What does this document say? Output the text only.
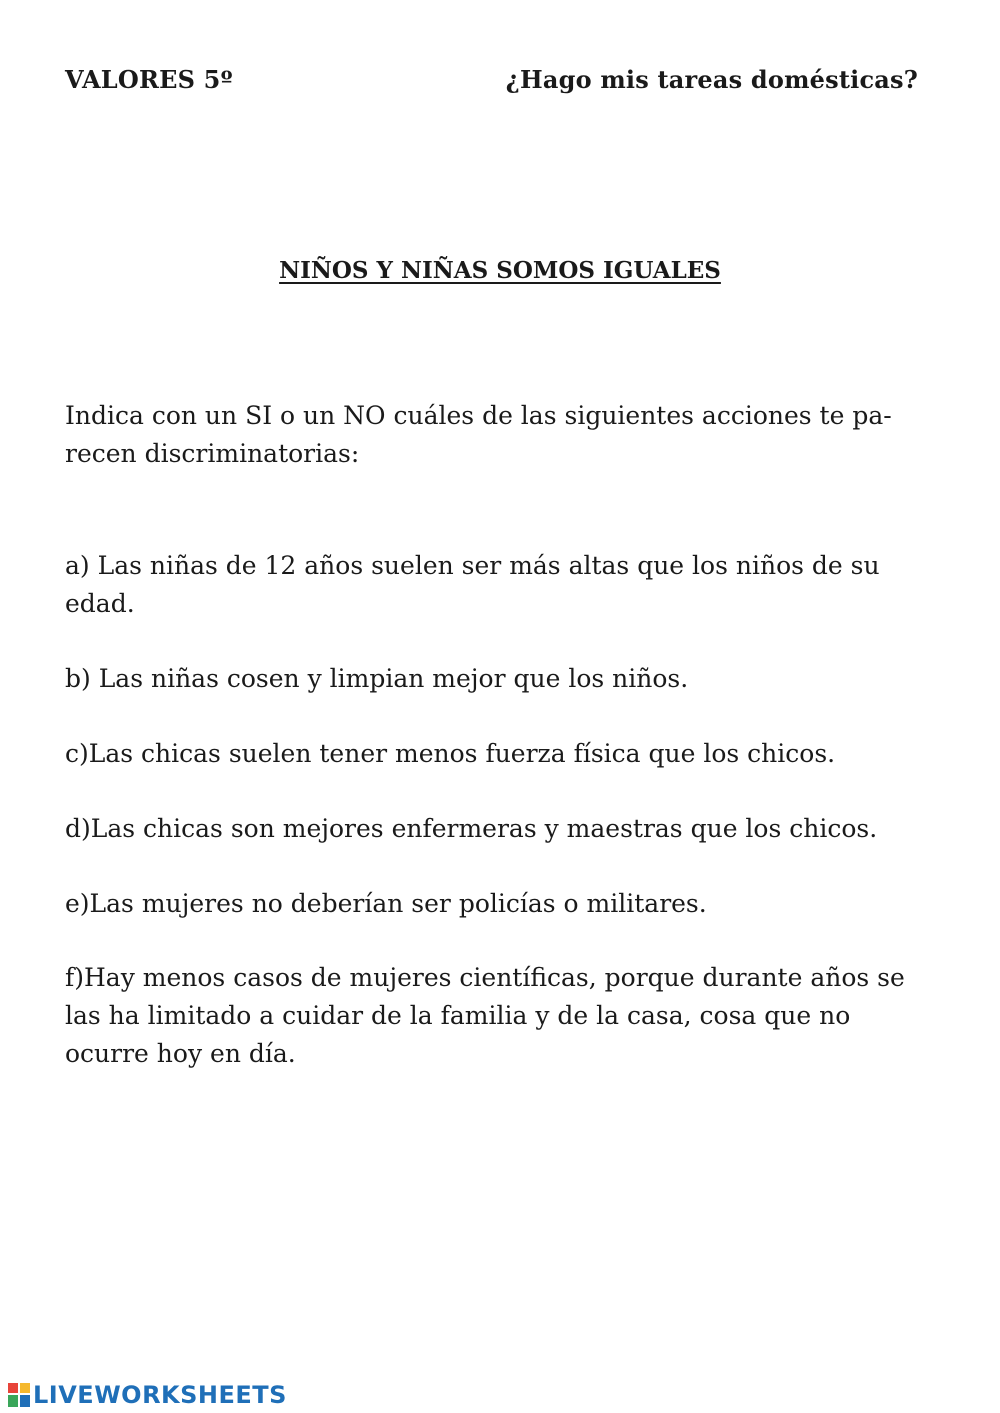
VALORES 5º	¿Hago mis tareas domésticas?
NIÑOS Y NIÑAS SOMOS IGUALES

Indica con un SI o un NO cuáles de las siguientes acciones te pa-
recen discriminatorias:

a) Las niñas de 12 años suelen ser más altas que los niños de su
edad.

b) Las niñas cosen y limpian mejor que los niños.

c)Las chicas suelen tener menos fuerza física que los chicos.

d)Las chicas son mejores enfermeras y maestras que los chicos.

e)Las mujeres no deberían ser policías o militares.

f)Hay menos casos de mujeres científicas, porque durante años se
las ha limitado a cuidar de la familia y de la casa, cosa que no
ocurre hoy en día.

LIVEWORKSHEETS
